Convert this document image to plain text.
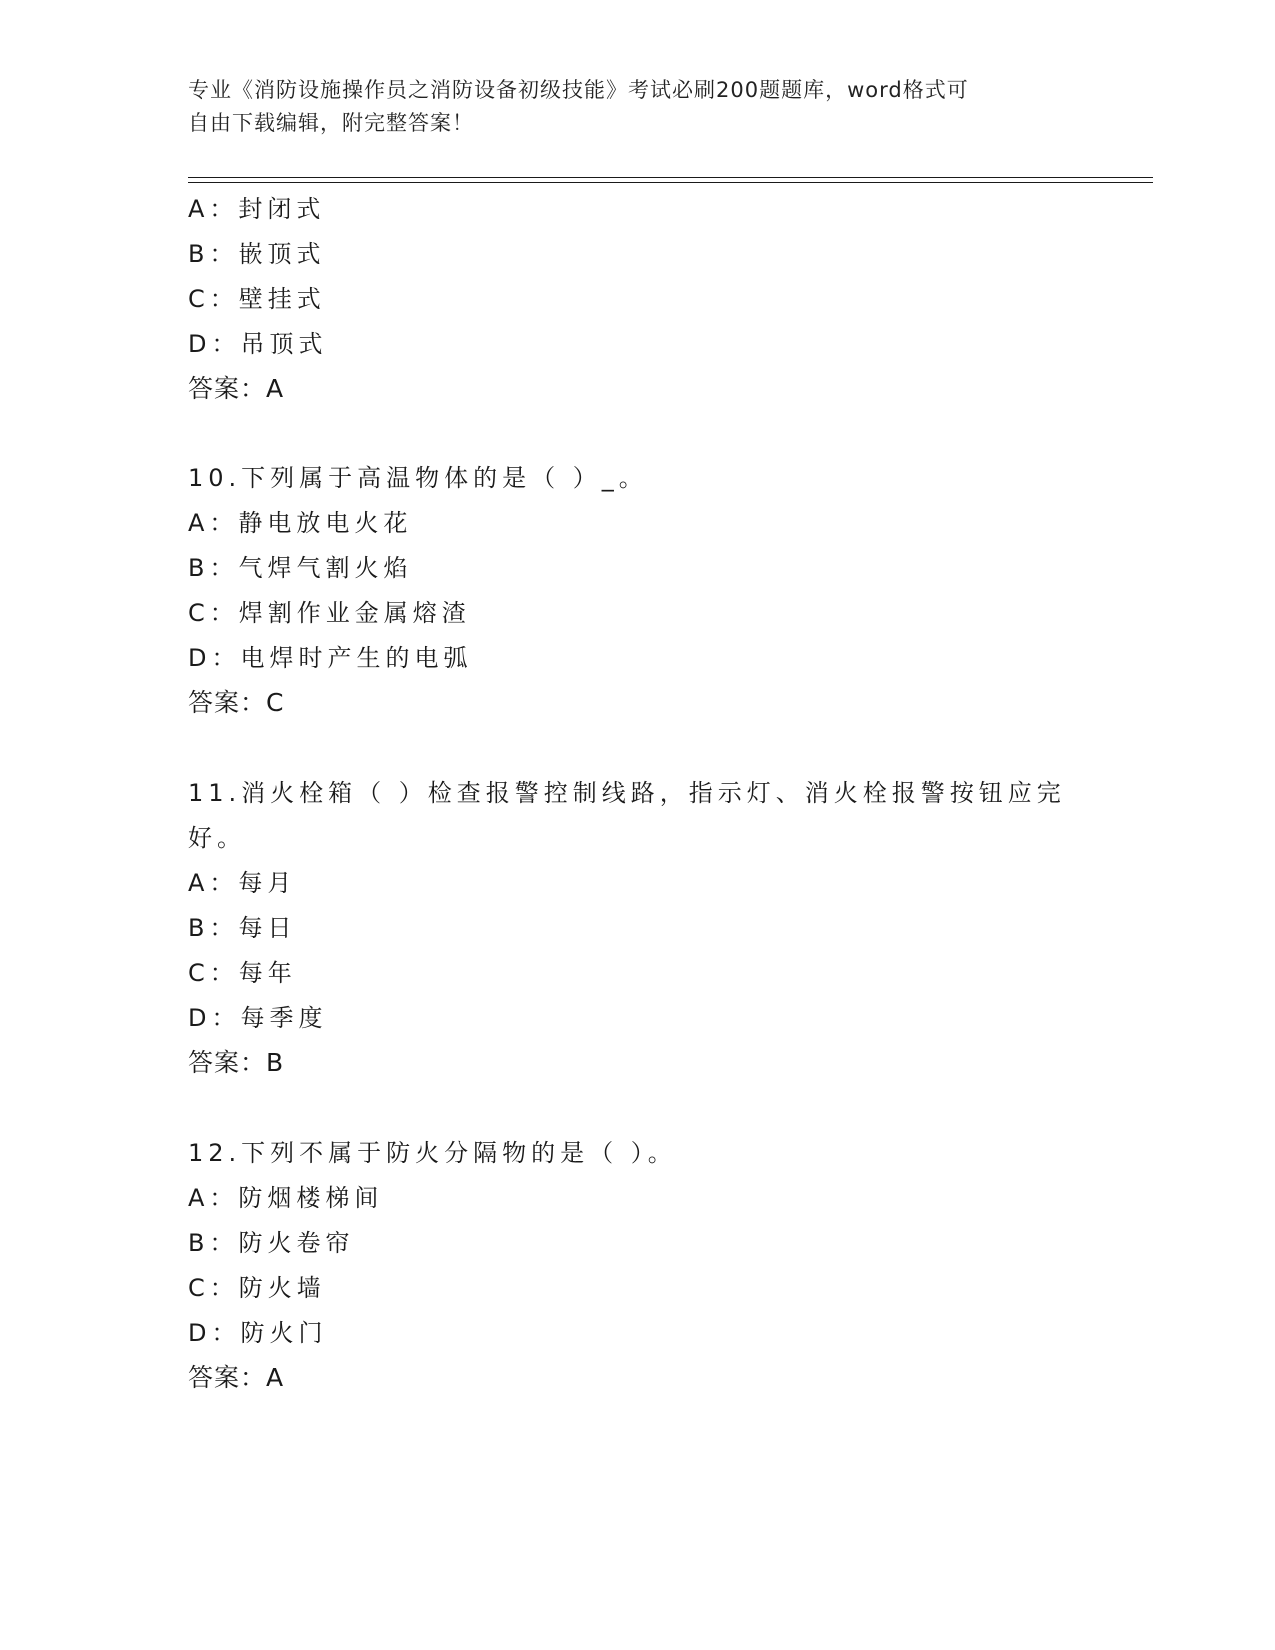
专业《消防设施操作员之消防设备初级技能》考试必刷200题题库，word格式可
自由下载编辑，附完整答案！
A：封闭式
B：嵌顶式
C：壁挂式
D：吊顶式
答案：A
10.下列属于高温物体的是（ ）_。
A：静电放电火花
B：气焊气割火焰
C：焊割作业金属熔渣
D：电焊时产生的电弧
答案：C
11.消火栓箱（ ）检查报警控制线路，指示灯、消火栓报警按钮应完
好。
A：每月
B：每日
C：每年
D：每季度
答案：B
12.下列不属于防火分隔物的是（ ）。
A：防烟楼梯间
B：防火卷帘
C：防火墙
D：防火门
答案：A
